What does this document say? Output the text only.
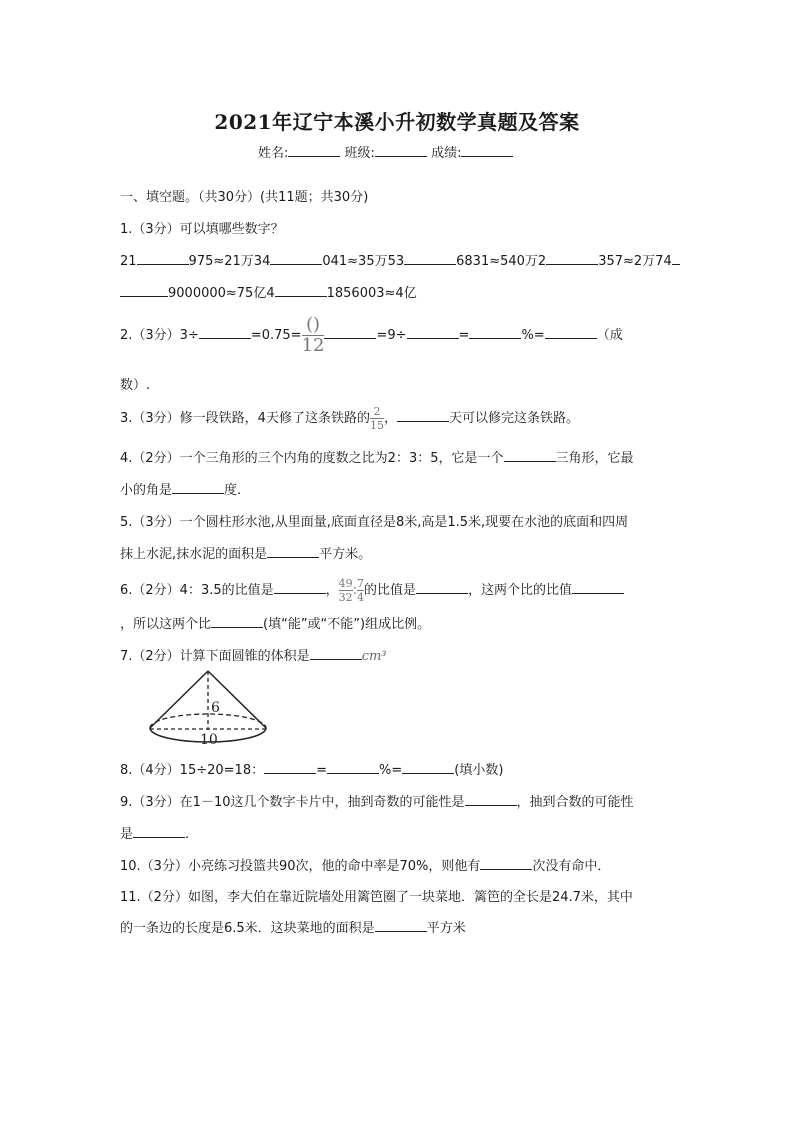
2021年辽宁本溪小升初数学真题及答案
姓名:	班级:	成绩:
一、填空题。（共30分）(共11题；共30分)
1.（3分）可以填哪些数字？
21	975≈21万34	041≈35万53	6831≈540万2	357≈2万74
9000000≈75亿4	1856003≈4亿
2.（3分）3÷	$=0.75= \frac{()}{12}$	=9÷	=	%=	（成
数）.
3.（3分）修一段铁路，4天修了这条铁路的 $\frac{2}{15}$ ，	天可以修完这条铁路。
4.（2分）一个三角形的三个内角的度数之比为2：3：5，它是一个	三角形，它最
小的角是	度.
5.（3分）一个圆柱形水池,从里面量,底面直径是8米,高是1.5米,现要在水池的底面和四周
抹上水泥,抹水泥的面积是	平方米。
6.（2分）4：3.5的比值是	， $\frac{49}{32}$ : $\frac{7}{4}$ 的比值是	，这两个比的比值
，所以这两个比	(填“能”或“不能”)组成比例。
7.（2分）计算下面圆锥的体积是	cm³
6
10
8.（4分）15÷20=18：	=	%=	(填小数)
9.（3分）在1－10这几个数字卡片中，抽到奇数的可能性是	，抽到合数的可能性
是	.
10.（3分）小亮练习投篮共90次，他的命中率是70%，则他有	次没有命中．
11.（2分）如图，李大伯在靠近院墙处用篱笆圈了一块菜地．篱笆的全长是24.7米，其中
的一条边的长度是6.5米．这块菜地的面积是	平方米
